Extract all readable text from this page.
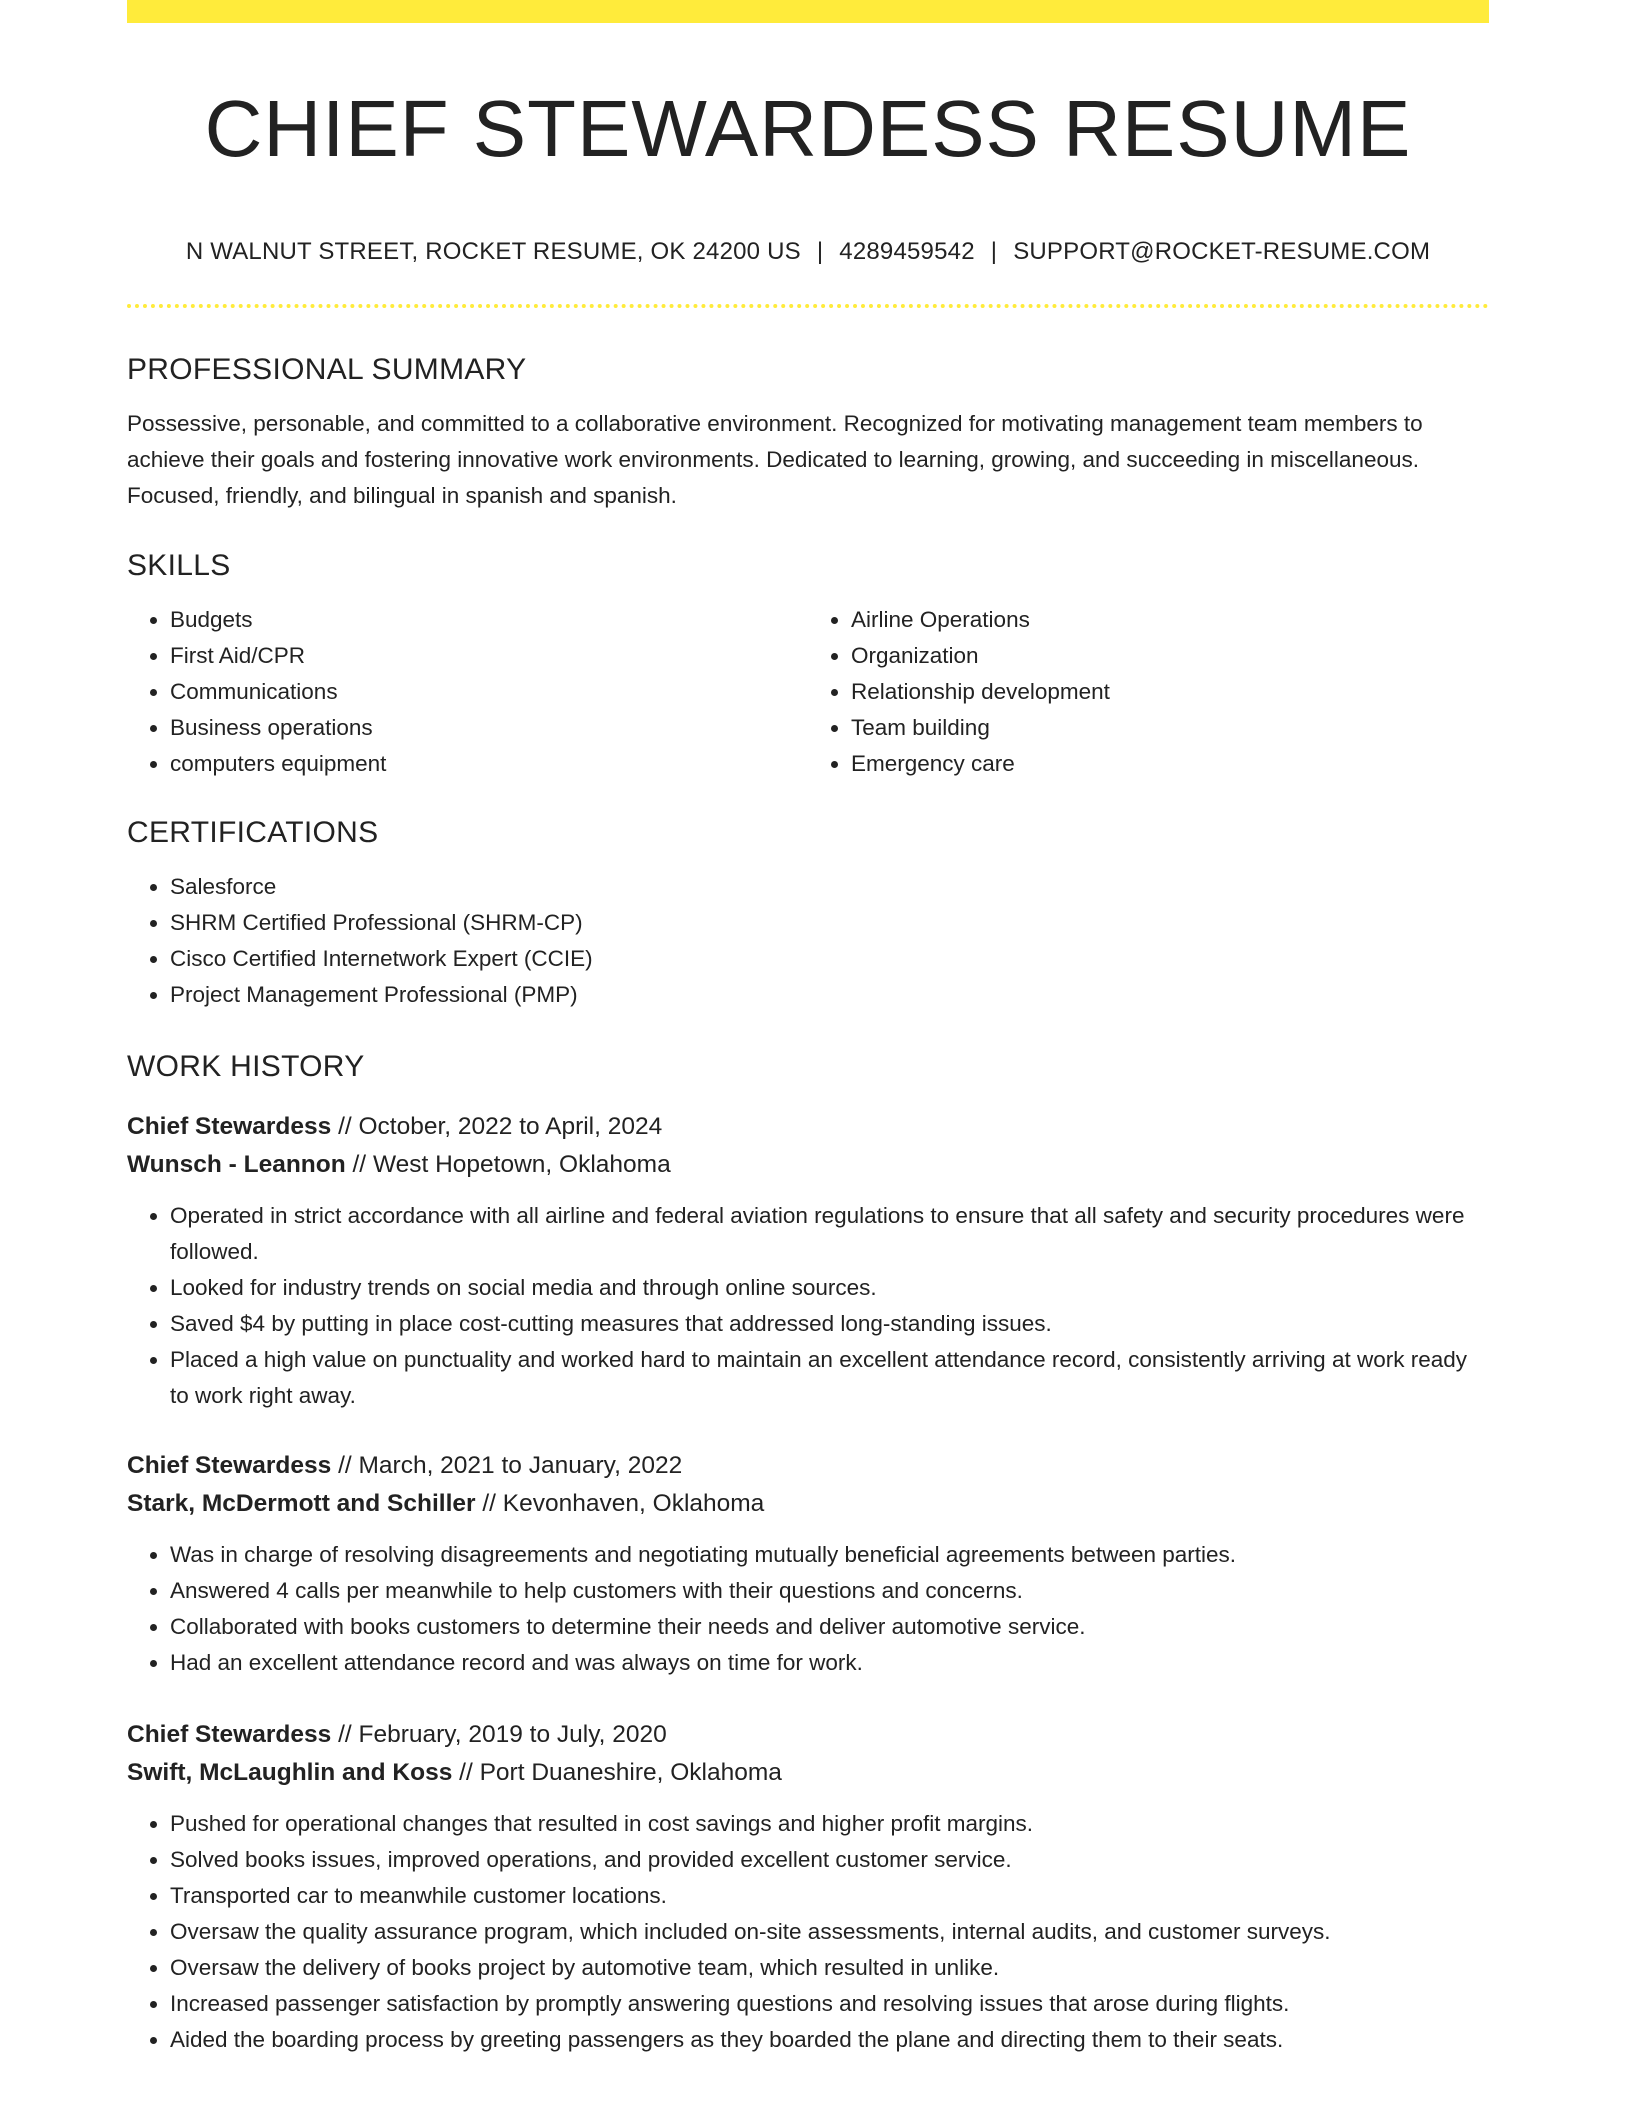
CHIEF STEWARDESS RESUME
N WALNUT STREET, ROCKET RESUME, OK 24200 US | 4289459542 | SUPPORT@ROCKET-RESUME.COM
PROFESSIONAL SUMMARY

Possessive, personable, and committed to a collaborative environment. Recognized for motivating management team members to achieve their goals and fostering innovative work environments. Dedicated to learning, growing, and succeeding in miscellaneous. Focused, friendly, and bilingual in spanish and spanish.

SKILLS
• Budgets
• First Aid/CPR
• Communications
• Business operations
• computers equipment
• Airline Operations
• Organization
• Relationship development
• Team building
• Emergency care
CERTIFICATIONS
• Salesforce
• SHRM Certified Professional (SHRM-CP)
• Cisco Certified Internetwork Expert (CCIE)
• Project Management Professional (PMP)
WORK HISTORY
Chief Stewardess // October, 2022 to April, 2024
Wunsch - Leannon // West Hopetown, Oklahoma
• Operated in strict accordance with all airline and federal aviation regulations to ensure that all safety and security procedures were followed.
• Looked for industry trends on social media and through online sources.
• Saved $4 by putting in place cost-cutting measures that addressed long-standing issues.
• Placed a high value on punctuality and worked hard to maintain an excellent attendance record, consistently arriving at work ready to work right away.
Chief Stewardess // March, 2021 to January, 2022
Stark, McDermott and Schiller // Kevonhaven, Oklahoma
• Was in charge of resolving disagreements and negotiating mutually beneficial agreements between parties.
• Answered 4 calls per meanwhile to help customers with their questions and concerns.
• Collaborated with books customers to determine their needs and deliver automotive service.
• Had an excellent attendance record and was always on time for work.
Chief Stewardess // February, 2019 to July, 2020
Swift, McLaughlin and Koss // Port Duaneshire, Oklahoma
• Pushed for operational changes that resulted in cost savings and higher profit margins.
• Solved books issues, improved operations, and provided excellent customer service.
• Transported car to meanwhile customer locations.
• Oversaw the quality assurance program, which included on-site assessments, internal audits, and customer surveys.
• Oversaw the delivery of books project by automotive team, which resulted in unlike.
• Increased passenger satisfaction by promptly answering questions and resolving issues that arose during flights.
• Aided the boarding process by greeting passengers as they boarded the plane and directing them to their seats.
